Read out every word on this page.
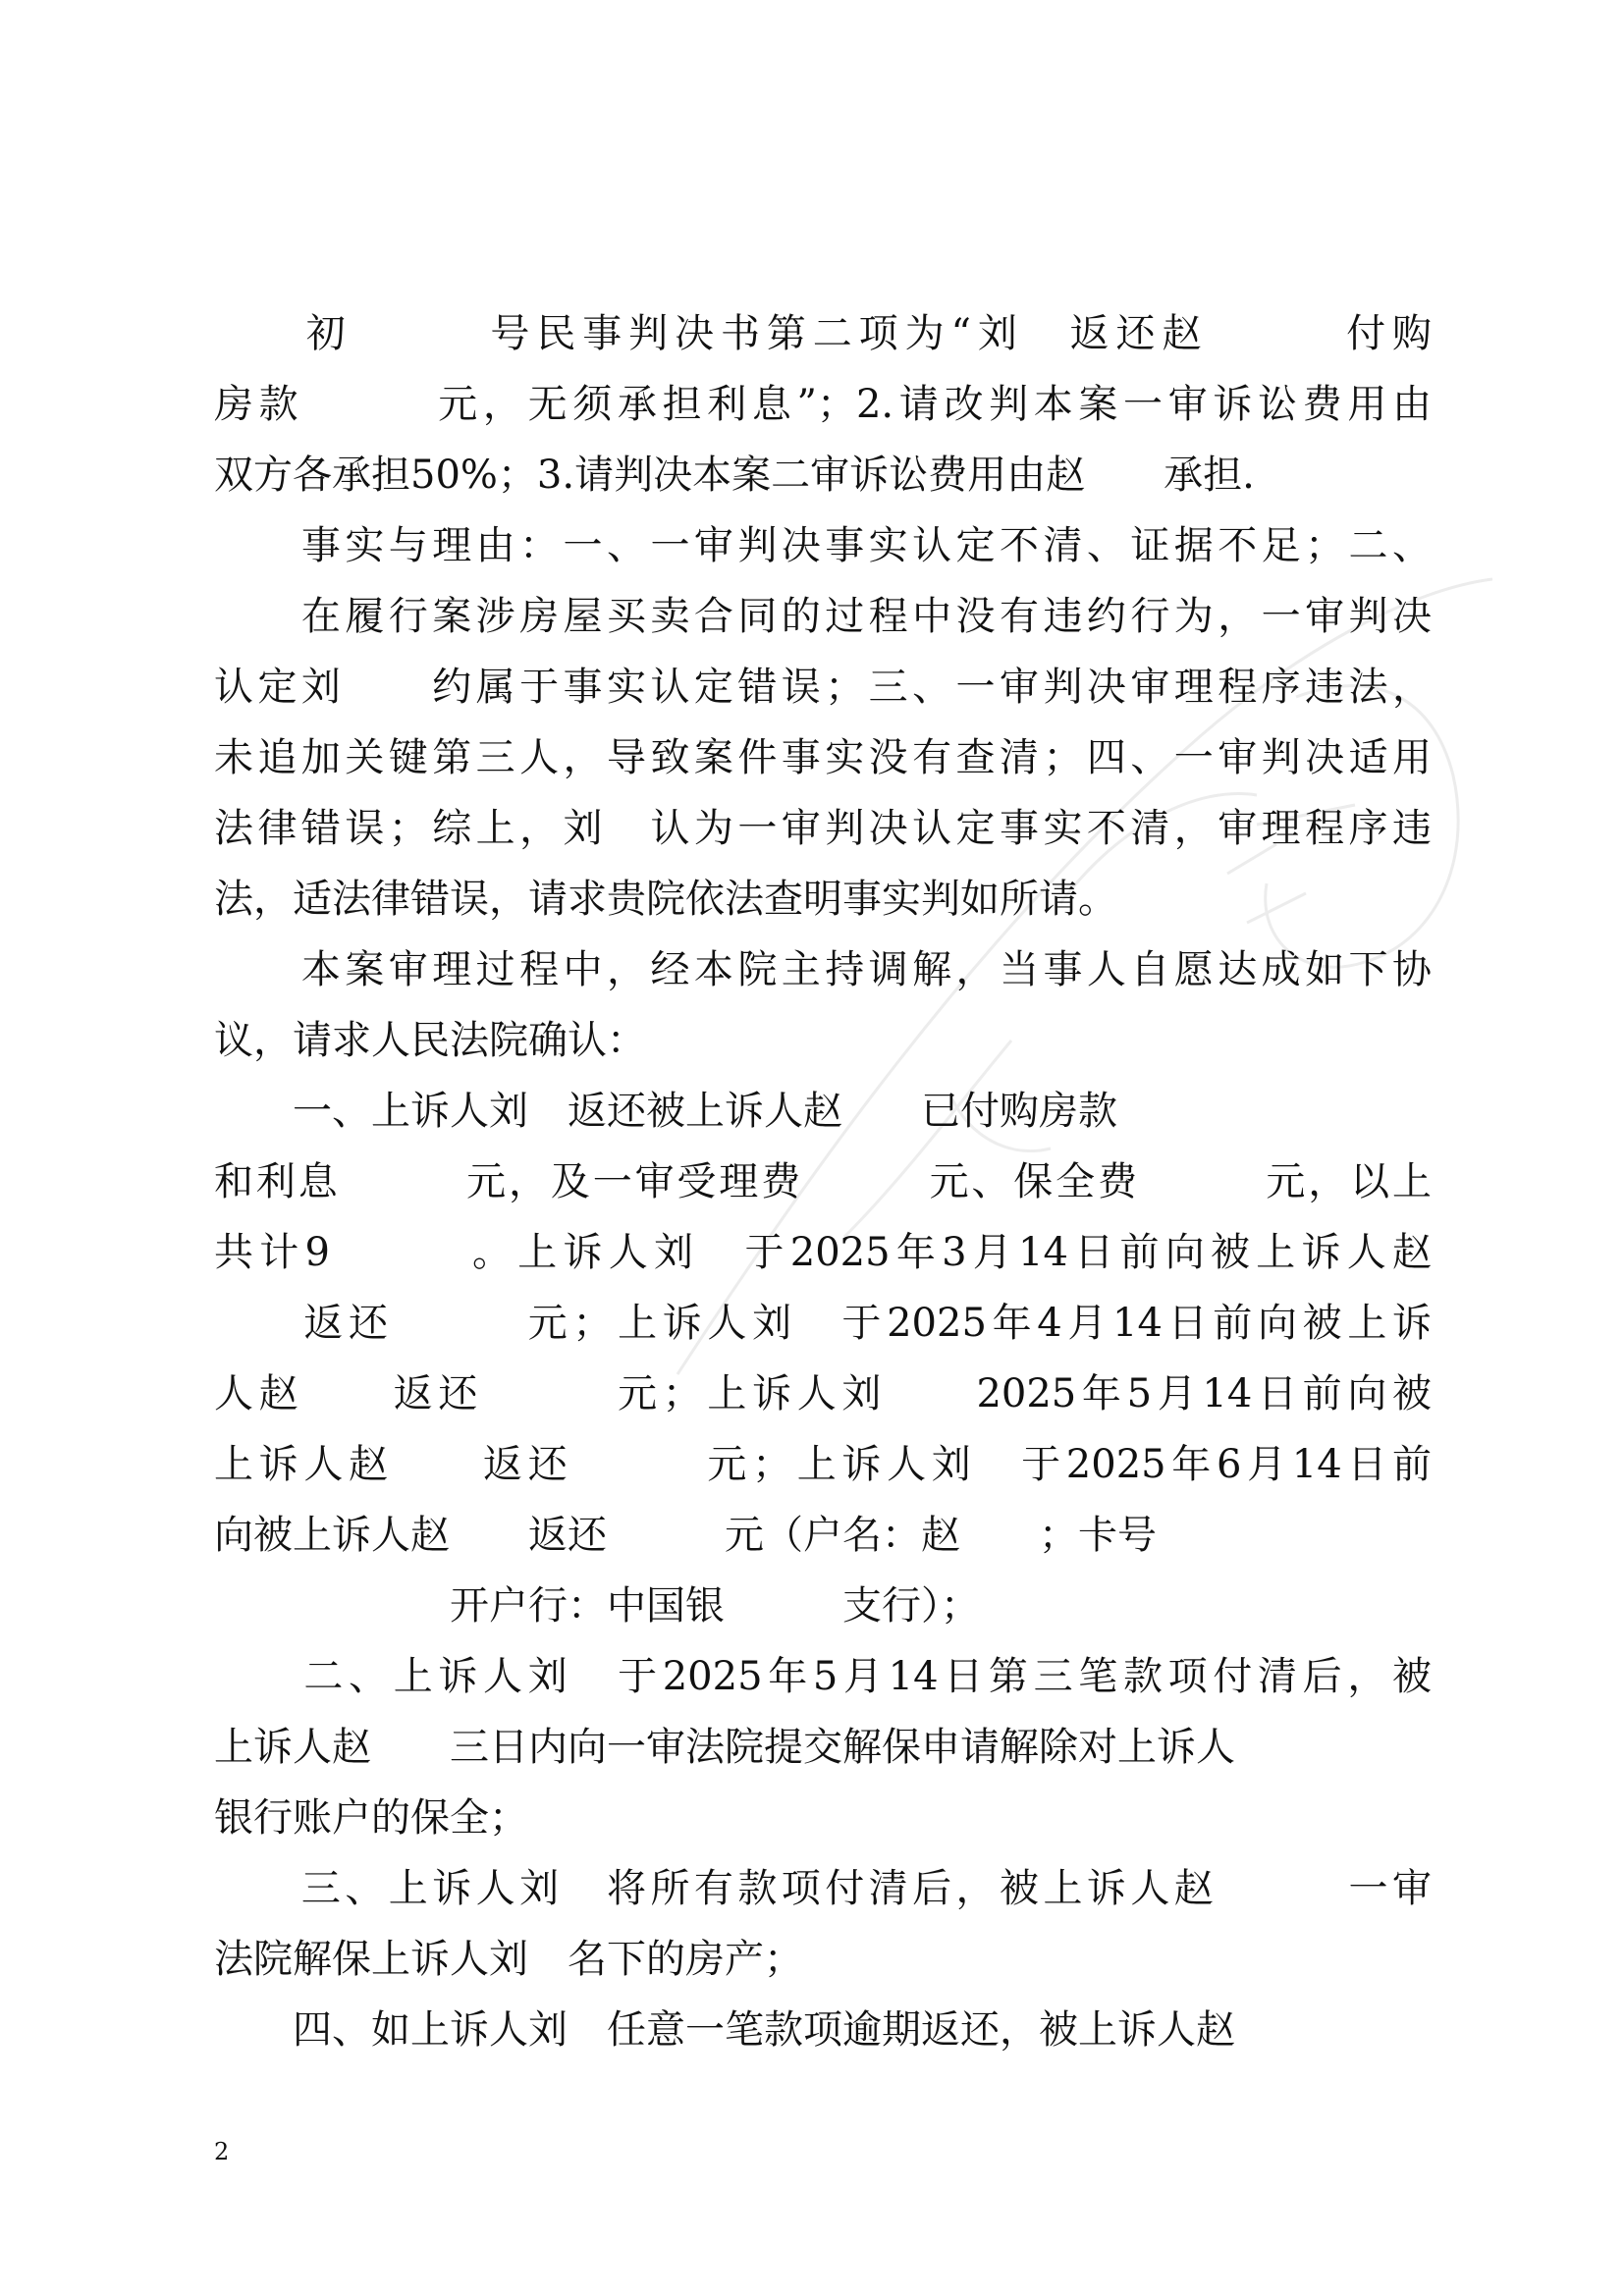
　　初　　　号民事判决书第二项为“刘　返还赵　　　付购
房款　　　元，无须承担利息”；2.请改判本案一审诉讼费用由
双方各承担50%；3.请判决本案二审诉讼费用由赵　　承担.
　　事实与理由：一、一审判决事实认定不清、证据不足；二、
　　在履行案涉房屋买卖合同的过程中没有违约行为，一审判决
认定刘　　约属于事实认定错误；三、一审判决审理程序违法，
未追加关键第三人，导致案件事实没有查清；四、一审判决适用
法律错误；综上，刘　认为一审判决认定事实不清，审理程序违
法，适法律错误，请求贵院依法查明事实判如所请。
　　本案审理过程中，经本院主持调解，当事人自愿达成如下协
议，请求人民法院确认：
　　一、上诉人刘　返还被上诉人赵　　已付购房款
和利息　　　元，及一审受理费　　　元、保全费　　　元，以上
共计9　　　。上诉人刘　于2025年3月14日前向被上诉人赵
　　返还　　　元；上诉人刘　于2025年4月14日前向被上诉
人赵　　返还　　　元；上诉人刘　　2025年5月14日前向被
上诉人赵　　返还　　　元；上诉人刘　于2025年6月14日前
向被上诉人赵　　返还　　　元（户名：赵　　；卡号
　　　　　　开户行：中国银　　　支行）；
　　二、上诉人刘　于2025年5月14日第三笔款项付清后，被
上诉人赵　　三日内向一审法院提交解保申请解除对上诉人
银行账户的保全；
　　三、上诉人刘　将所有款项付清后，被上诉人赵　　　一审
法院解保上诉人刘　名下的房产；
　　四、如上诉人刘　任意一笔款项逾期返还，被上诉人赵
2
